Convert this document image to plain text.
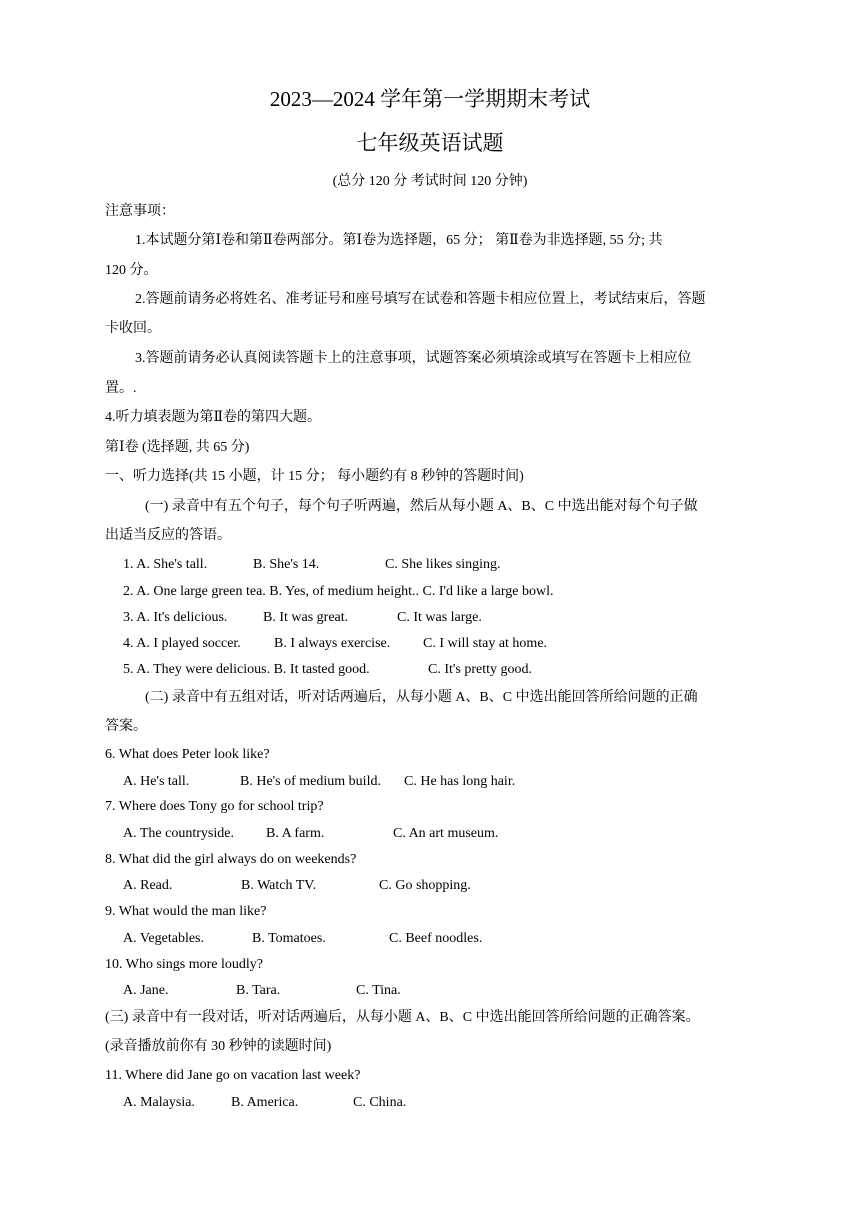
2023—2024 学年第一学期期末考试
七年级英语试题
(总分 120 分 考试时间 120 分钟)
注意事项：
1.本试题分第Ⅰ卷和第Ⅱ卷两部分。第Ⅰ卷为选择题，65 分； 第Ⅱ卷为非选择题, 55 分; 共
120 分。
2.答题前请务必将姓名、准考证号和座号填写在试卷和答题卡相应位置上，考试结束后，答题
卡收回。
3.答题前请务必认真阅读答题卡上的注意事项，试题答案必须填涂或填写在答题卡上相应位
置。.
4.听力填表题为第Ⅱ卷的第四大题。
第Ⅰ卷 (选择题, 共 65 分)
一、听力选择(共 15 小题，计 15 分； 每小题约有 8 秒钟的答题时间)
(一) 录音中有五个句子，每个句子听两遍，然后从每小题 A、B、C 中选出能对每个句子做
出适当反应的答语。
1. A. She's tall.	B. She's 14.	C. She likes singing.
2. A. One large green tea. B. Yes, of medium height.. C. I'd like a large bowl.
3. A. It's delicious.	B. It was great.	C. It was large.
4. A. I played soccer. B. I always exercise. C. I will stay at home.
5. A. They were delicious. B. It tasted good.	C. It's pretty good.
(二) 录音中有五组对话，听对话两遍后，从每小题 A、B、C 中选出能回答所给问题的正确
答案。
6. What does Peter look like?
A. He's tall.	B. He's of medium build. C. He has long hair.
7. Where does Tony go for school trip?
A. The countryside. B. A farm.	C. An art museum.
8. What did the girl always do on weekends?
A. Read.	B. Watch TV.	C. Go shopping.
9. What would the man like?
A. Vegetables.	B. Tomatoes.	C. Beef noodles.
10. Who sings more loudly?
A. Jane.	B. Tara.	C. Tina.
(三) 录音中有一段对话，听对话两遍后，从每小题 A、B、C 中选出能回答所给问题的正确答案。
(录音播放前你有 30 秒钟的读题时间)
11. Where did Jane go on vacation last week?
A. Malaysia.	B. America.	C. China.
